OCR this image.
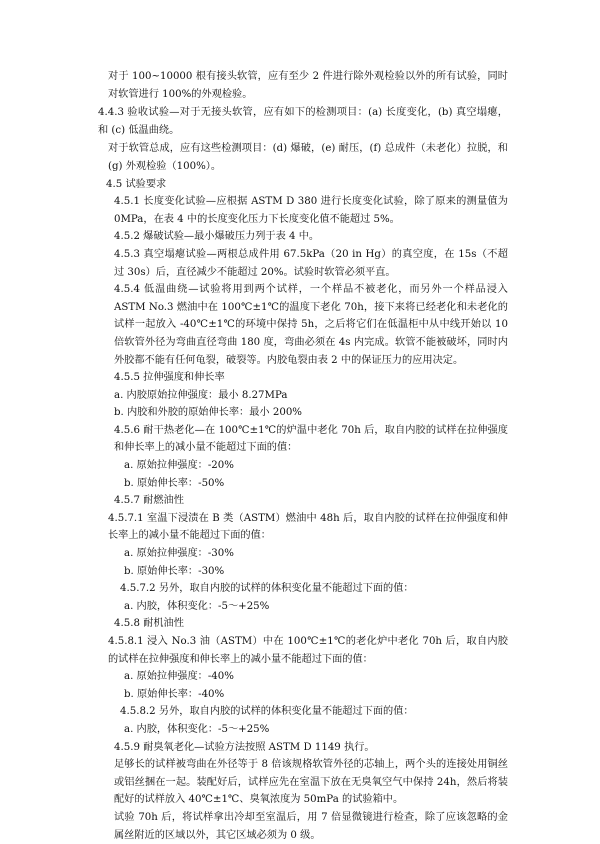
对于 100~10000 根有接头软管，应有至少 2 件进行除外观检验以外的所有试验，同时对软管进行 100%的外观检验。

4.4.3 验收试验—对于无接头软管，应有如下的检测项目：(a) 长度变化，(b) 真空塌瘪，和 (c) 低温曲绕。

对于软管总成，应有这些检测项目：(d) 爆破，(e) 耐压，(f) 总成件（未老化）拉脱，和 (g) 外观检验（100%）。

4.5 试验要求

4.5.1 长度变化试验—应根据 ASTM D 380 进行长度变化试验，除了原来的测量值为 0MPa，在表 4 中的长度变化压力下长度变化值不能超过 5%。

4.5.2 爆破试验—最小爆破压力列于表 4 中。

4.5.3 真空塌瘪试验—两根总成件用 67.5kPa（20 in Hg）的真空度，在 15s（不超过 30s）后，直径减少不能超过 20%。试验时软管必须平直。

4.5.4 低温曲绕—试验将用到两个试样，一个样品不被老化，而另外一个样品浸入 ASTM No.3 燃油中在 100℃±1℃的温度下老化 70h，接下来将已经老化和未老化的试样一起放入 -40℃±1℃的环境中保持 5h，之后将它们在低温柜中从中线开始以 10 倍软管外径为弯曲直径弯曲 180 度，弯曲必须在 4s 内完成。软管不能被破坏，同时内外胶都不能有任何龟裂，破裂等。内胶龟裂由表 2 中的保证压力的应用决定。

4.5.5 拉伸强度和伸长率

a. 内胶原始拉伸强度：最小 8.27MPa

b. 内胶和外胶的原始伸长率：最小 200%

4.5.6 耐干热老化—在 100℃±1℃的炉温中老化 70h 后，取自内胶的试样在拉伸强度和伸长率上的减小量不能超过下面的值：

a. 原始拉伸强度：-20%

b. 原始伸长率：-50%

4.5.7 耐燃油性

4.5.7.1 室温下浸渍在 B 类（ASTM）燃油中 48h 后，取自内胶的试样在拉伸强度和伸长率上的减小量不能超过下面的值：

a. 原始拉伸强度：-30%

b. 原始伸长率：-30%

4.5.7.2 另外，取自内胶的试样的体积变化量不能超过下面的值：

a. 内胶，体积变化：-5～+25%

4.5.8 耐机油性

4.5.8.1 浸入 No.3 油（ASTM）中在 100℃±1℃的老化炉中老化 70h 后，取自内胶的试样在拉伸强度和伸长率上的减小量不能超过下面的值：

a. 原始拉伸强度：-40%

b. 原始伸长率：-40%

4.5.8.2 另外，取自内胶的试样的体积变化量不能超过下面的值：

a. 内胶，体积变化：-5～+25%

4.5.9 耐臭氧老化—试验方法按照 ASTM D 1149 执行。

足够长的试样被弯曲在外径等于 8 倍该规格软管外径的芯轴上，两个头的连接处用铜丝或铝丝捆在一起。装配好后，试样应先在室温下放在无臭氧空气中保持 24h，然后将装配好的试样放入 40℃±1℃、臭氧浓度为 50mPa 的试验箱中。

试验 70h 后，将试样拿出冷却至室温后，用 7 倍显微镜进行检查，除了应该忽略的金属丝附近的区域以外，其它区域必须为 0 级。
